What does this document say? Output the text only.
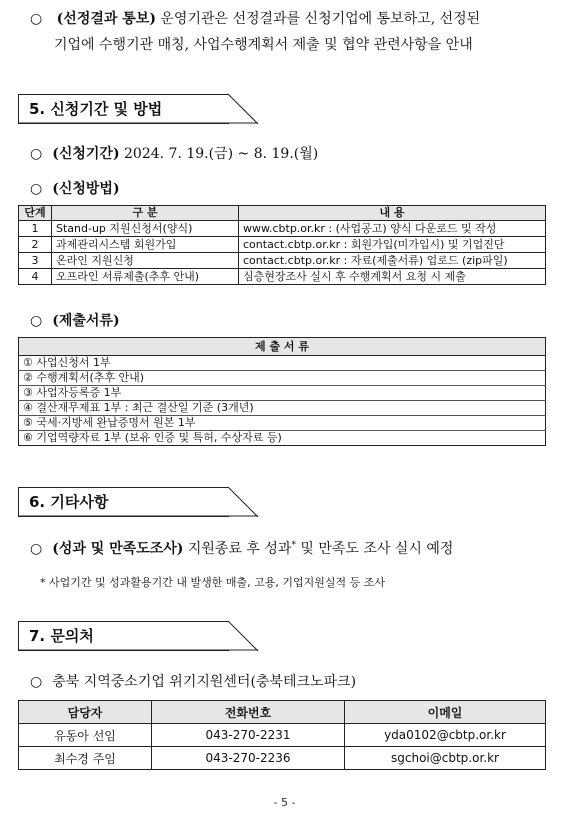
○ (선정결과 통보) 운영기관은 선정결과를 신청기업에 통보하고, 선정된
기업에 수행기관 매칭, 사업수행계획서 제출 및 협약 관련사항을 안내
5. 신청기간 및 방법
○ (신청기간) 2024. 7. 19.(금) ~ 8. 19.(월)
○ (신청방법)
단계	구 분	내 용
1	Stand-up 지원신청서(양식)	www.cbtp.or.kr : (사업공고) 양식 다운로드 및 작성
2	과제관리시스템 회원가입	contact.cbtp.or.kr : 회원가입(미가입시) 및 기업진단
3	온라인 지원신청	contact.cbtp.or.kr : 자료(제출서류) 업로드 (zip파일)
4	오프라인 서류제출(추후 안내)	심층현장조사 실시 후 수행계획서 요청 시 제출
○ (제출서류)
제 출 서 류
① 사업신청서 1부
② 수행계획서(추후 안내)
③ 사업자등록증 1부
④ 결산재무제표 1부 : 최근 결산일 기준 (3개년)
⑤ 국세·지방세 완납증명서 원본 1부
⑥ 기업역량자료 1부 (보유 인증 및 특허, 수상자료 등)
6. 기타사항
○ (성과 및 만족도조사) 지원종료 후 성과* 및 만족도 조사 실시 예정
* 사업기간 및 성과활용기간 내 발생한 매출, 고용, 기업지원실적 등 조사
7. 문의처
○ 충북 지역중소기업 위기지원센터(충북테크노파크)
담당자	전화번호	이메일
유동아 선임	043-270-2231	yda0102@cbtp.or.kr
최수경 주임	043-270-2236	sgchoi@cbtp.or.kr
- 5 -
